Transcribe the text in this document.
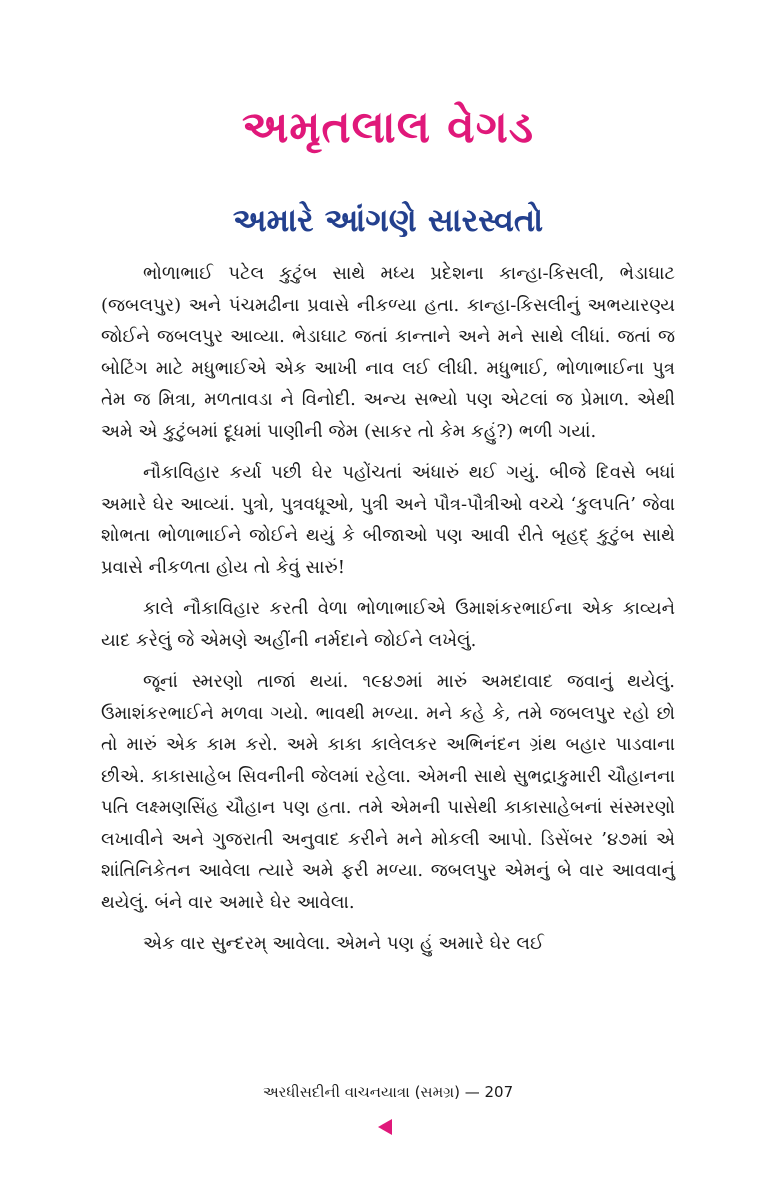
અમૃતલાલ વેગડ
અમારે આંગણે સારસ્વતો

ભોળાભાઈ પટેલ કુટુંબ સાથે મધ્ય પ્રદેશના કાન્હા-કિસલી, ભેડાઘાટ (જબલપુર) અને પંચમઢીના પ્રવાસે નીકળ્યા હતા. કાન્હા-કિસલીનું અભયારણ્ય જોઈને જબલપુર આવ્યા. ભેડાઘાટ જતાં કાન્તાને અને મને સાથે લીધાં. જતાં જ બોટિંગ માટે મધુભાઈએ એક આખી નાવ લઈ લીધી. મધુભાઈ, ભોળાભાઈના પુત્ર તેમ જ મિત્રા, મળતાવડા ને વિનોદી. અન્ય સભ્યો પણ એટલાં જ પ્રેમાળ. એથી અમે એ કુટુંબમાં દૂધમાં પાણીની જેમ (સાકર તો કેમ કહું?) ભળી ગયાં.

નૌકાવિહાર કર્યા પછી ઘેર પહોંચતાં અંધારું થઈ ગયું. બીજે દિવસે બધાં અમારે ઘેર આવ્યાં. પુત્રો, પુત્રવધૂઓ, પુત્રી અને પૌત્ર-પૌત્રીઓ વચ્ચે ‘કુલપતિ’ જેવા શોભતા ભોળાભાઈને જોઈને થયું કે બીજાઓ પણ આવી રીતે બૃહદ્ કુટુંબ સાથે પ્રવાસે નીકળતા હોય તો કેવું સારું!

કાલે નૌકાવિહાર કરતી વેળા ભોળાભાઈએ ઉમાશંકરભાઈના એક કાવ્યને યાદ કરેલું જે એમણે અહીંની નર્મદાને જોઈને લખેલું.

જૂનાં સ્મરણો તાજાં થયાં. ૧૯૪૭માં મારું અમદાવાદ જવાનું થયેલું. ઉમાશંકરભાઈને મળવા ગયો. ભાવથી મળ્યા. મને કહે કે, તમે જબલપુર રહો છો તો મારું એક કામ કરો. અમે કાકા કાલેલકર અભિનંદન ગ્રંથ બહાર પાડવાના છીએ. કાકાસાહેબ સિવનીની જેલમાં રહેલા. એમની સાથે સુભદ્રાકુમારી ચૌહાનના પતિ લક્ષ્મણસિંહ ચૌહાન પણ હતા. તમે એમની પાસેથી કાકાસાહેબનાં સંસ્મરણો લખાવીને અને ગુજરાતી અનુવાદ કરીને મને મોકલી આપો. ડિસેંબર ’૪૭માં એ શાંતિનિકેતન આવેલા ત્યારે અમે ફરી મળ્યા. જબલપુર એમનું બે વાર આવવાનું થયેલું. બંને વાર અમારે ઘેર આવેલા.

એક વાર સુન્દરમ્ આવેલા. એમને પણ હું અમારે ઘેર લઈ

અરધીસદીની વાચનયાત્રા (સમગ્ર) — 207
